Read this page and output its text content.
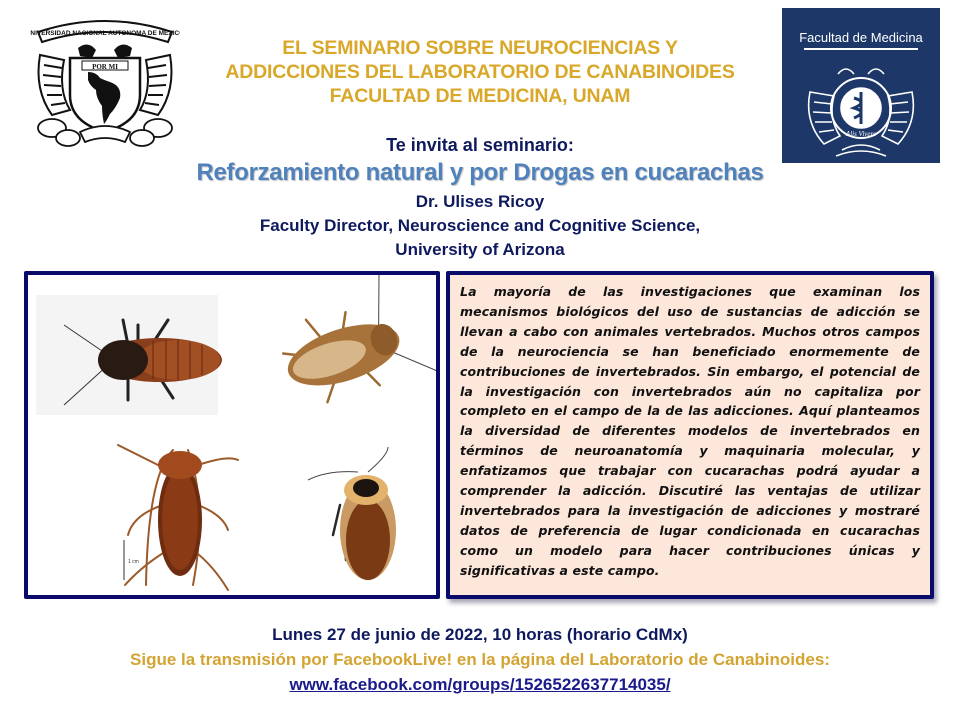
UNIVERSIDAD NACIONAL AUTONOMA DE MEXICO
POR MI
EL SEMINARIO SOBRE NEUROCIENCIAS Y
ADDICCIONES DEL LABORATORIO DE CANABINOIDES
FACULTAD DE MEDICINA, UNAM
Facultad de Medicina
Alis Vivere
Te invita al seminario:
Reforzamiento natural y por Drogas en cucarachas
Dr. Ulises Ricoy
Faculty Director, Neuroscience and Cognitive Science,
University of Arizona
1 cm

La mayoría de las investigaciones que examinan los mecanismos biológicos del uso de sustancias de adicción se llevan a cabo con animales vertebrados. Muchos otros campos de la neurociencia se han beneficiado enormemente de contribuciones de invertebrados. Sin embargo, el potencial de la investigación con invertebrados aún no capitaliza por completo en el campo de la de las adicciones. Aquí planteamos la diversidad de diferentes modelos de invertebrados en términos de neuroanatomía y maquinaria molecular, y enfatizamos que trabajar con cucarachas podrá ayudar a comprender la adicción. Discutiré las ventajas de utilizar invertebrados para la investigación de adicciones y mostraré datos de preferencia de lugar condicionada en cucarachas como un modelo para hacer contribuciones únicas y significativas a este campo.

Lunes 27 de junio de 2022, 10 horas (horario CdMx)
Sigue la transmisión por FacebookLive! en la página del Laboratorio de Canabinoides:
www.facebook.com/groups/1526522637714035/
